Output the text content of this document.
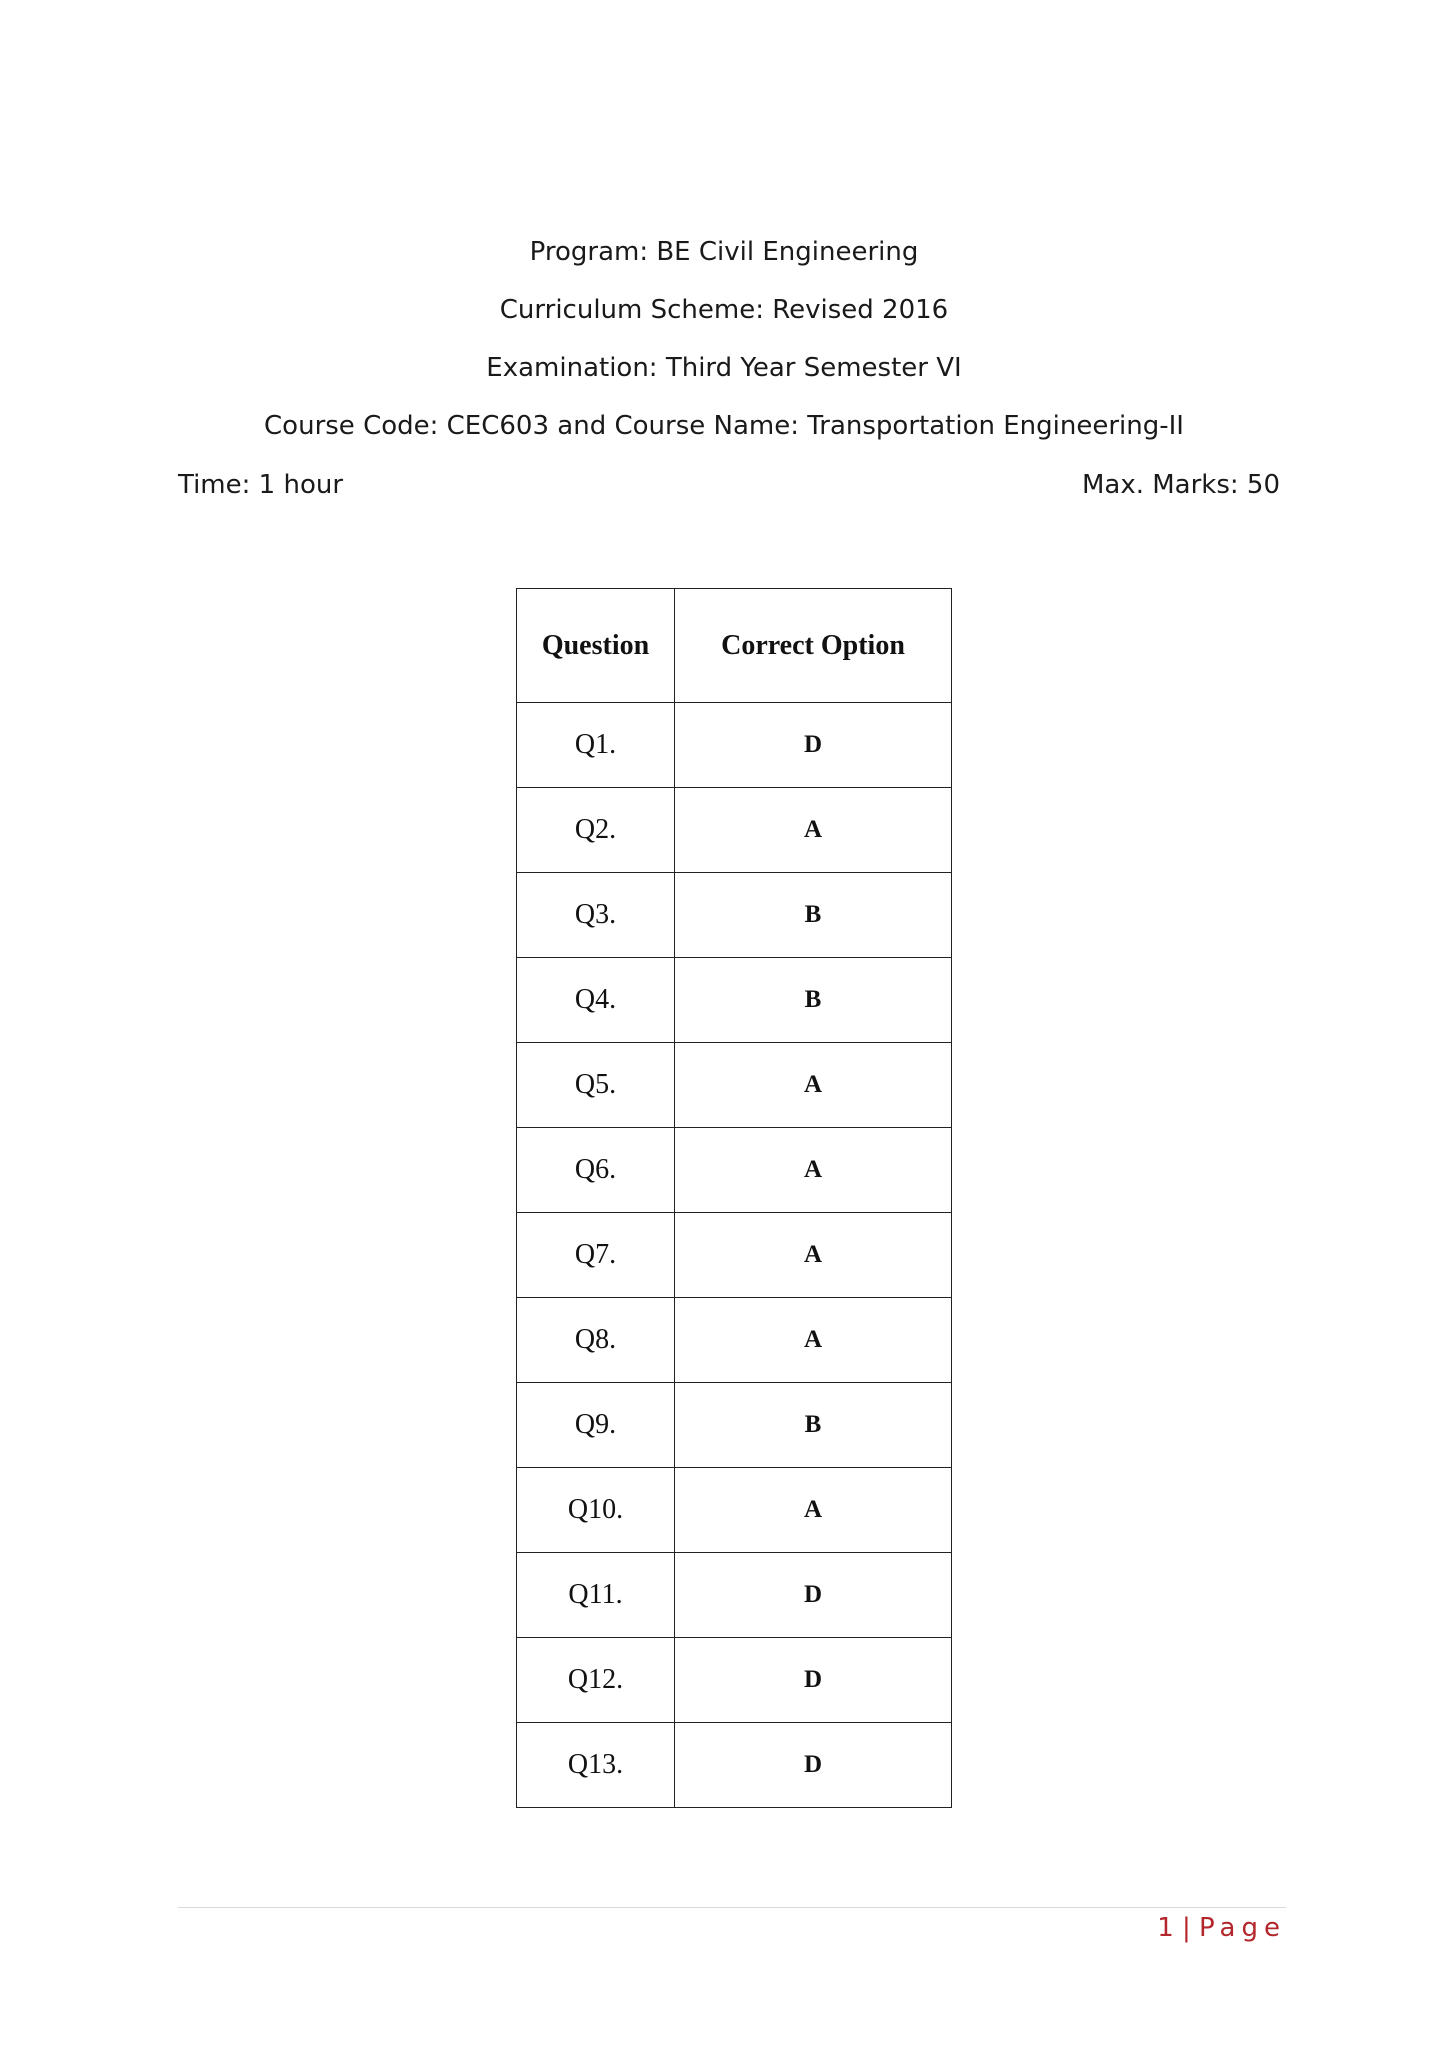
Program: BE Civil Engineering
Curriculum Scheme: Revised 2016
Examination: Third Year Semester VI
Course Code: CEC603 and Course Name: Transportation Engineering-II
Time: 1 hour	Max. Marks: 50
Question	Correct Option
Q1.	D
Q2.	A
Q3.	B
Q4.	B
Q5.	A
Q6.	A
Q7.	A
Q8.	A
Q9.	B
Q10.	A
Q11.	D
Q12.	D
Q13.	D
1 | Page
